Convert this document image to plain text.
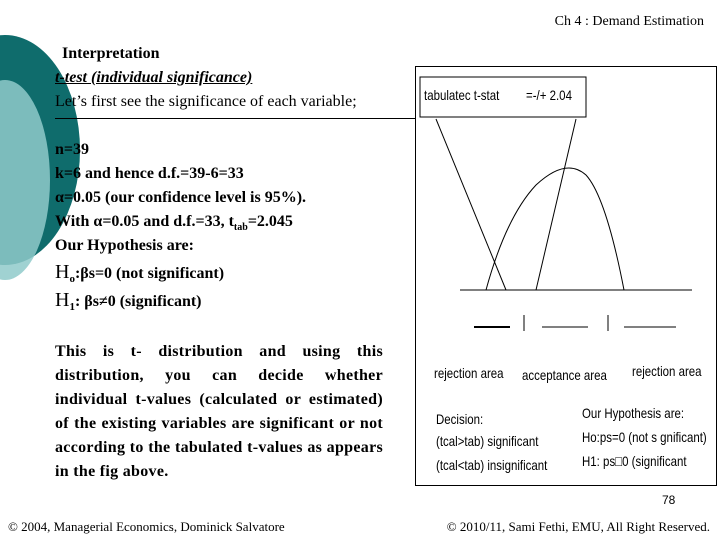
Ch 4 : Demand Estimation
Interpretation
t-test (individual significance)
Let’s first see the significance of each variable;
n=39
k=6 and hence d.f.=39-6=33
α=0.05 (our confidence level is 95%).
With α=0.05 and d.f.=33, $t_{tab}=2.045$
Our Hypothesis are:
$H_o:\beta s=0$ (not significant)
$H_1$: βs≠0 (significant)
This is t- distribution and using this distribution, you can decide whether individual t-values (calculated or estimated) of the existing variables are significant or not according to the tabulated t-values as appears in the fig above.
tabulatec t-stat =-/+ 2.04
rejection area acceptance area rejection area
Decision:
(tcal>tab) significant
(tcal<tab) insignificant
Our Hypothesis are:
Ho:ps=0 (not s gnificant)
H1: ps□0 (significant
78
© 2004, Managerial Economics, Dominick Salvatore	© 2010/11, Sami Fethi, EMU, All Right Reserved.
